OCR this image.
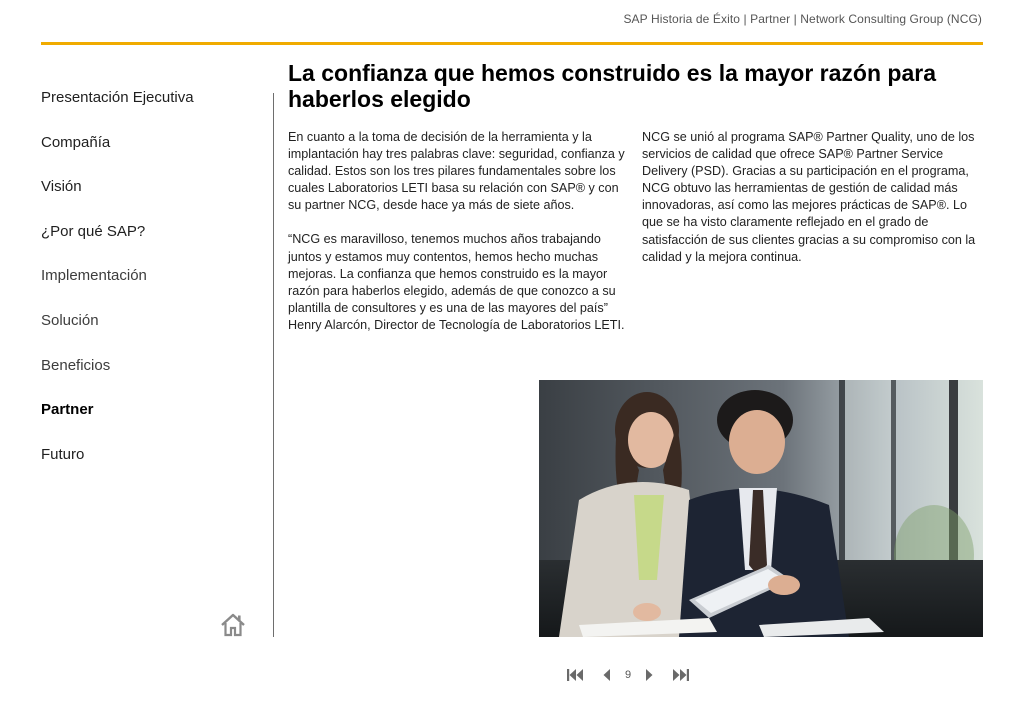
SAP Historia de Éxito | Partner | Network Consulting Group (NCG)
Presentación Ejecutiva
Compañía
Visión
¿Por qué SAP?
Implementación
Solución
Beneficios
Partner
Futuro
La confianza que hemos construido es la mayor razón para haberlos elegido

En cuanto a la toma de decisión de la herramienta y la implantación hay tres palabras clave: seguridad, confianza y calidad. Estos son los tres pilares fundamentales sobre los cuales Laboratorios LETI basa su relación con SAP® y con su partner NCG, desde hace ya más de siete años.

“NCG es maravilloso, tenemos muchos años trabajando juntos y estamos muy contentos, hemos hecho muchas mejoras. La confianza que hemos construido es la mayor razón para haberlos elegido, además de que conozco a su plantilla de consultores y es una de las mayores del país” Henry Alarcón, Director de Tecnología de Laboratorios LETI.

NCG se unió al programa SAP® Partner Quality, uno de los servicios de calidad que ofrece SAP® Partner Service Delivery (PSD). Gracias a su participación en el programa, NCG obtuvo las herramientas de gestión de calidad más innovadoras, así como las mejores prácticas de SAP®. Lo que se ha visto claramente reflejado en el grado de satisfacción de sus clientes gracias a su compromiso con la calidad y la mejora continua.

9
